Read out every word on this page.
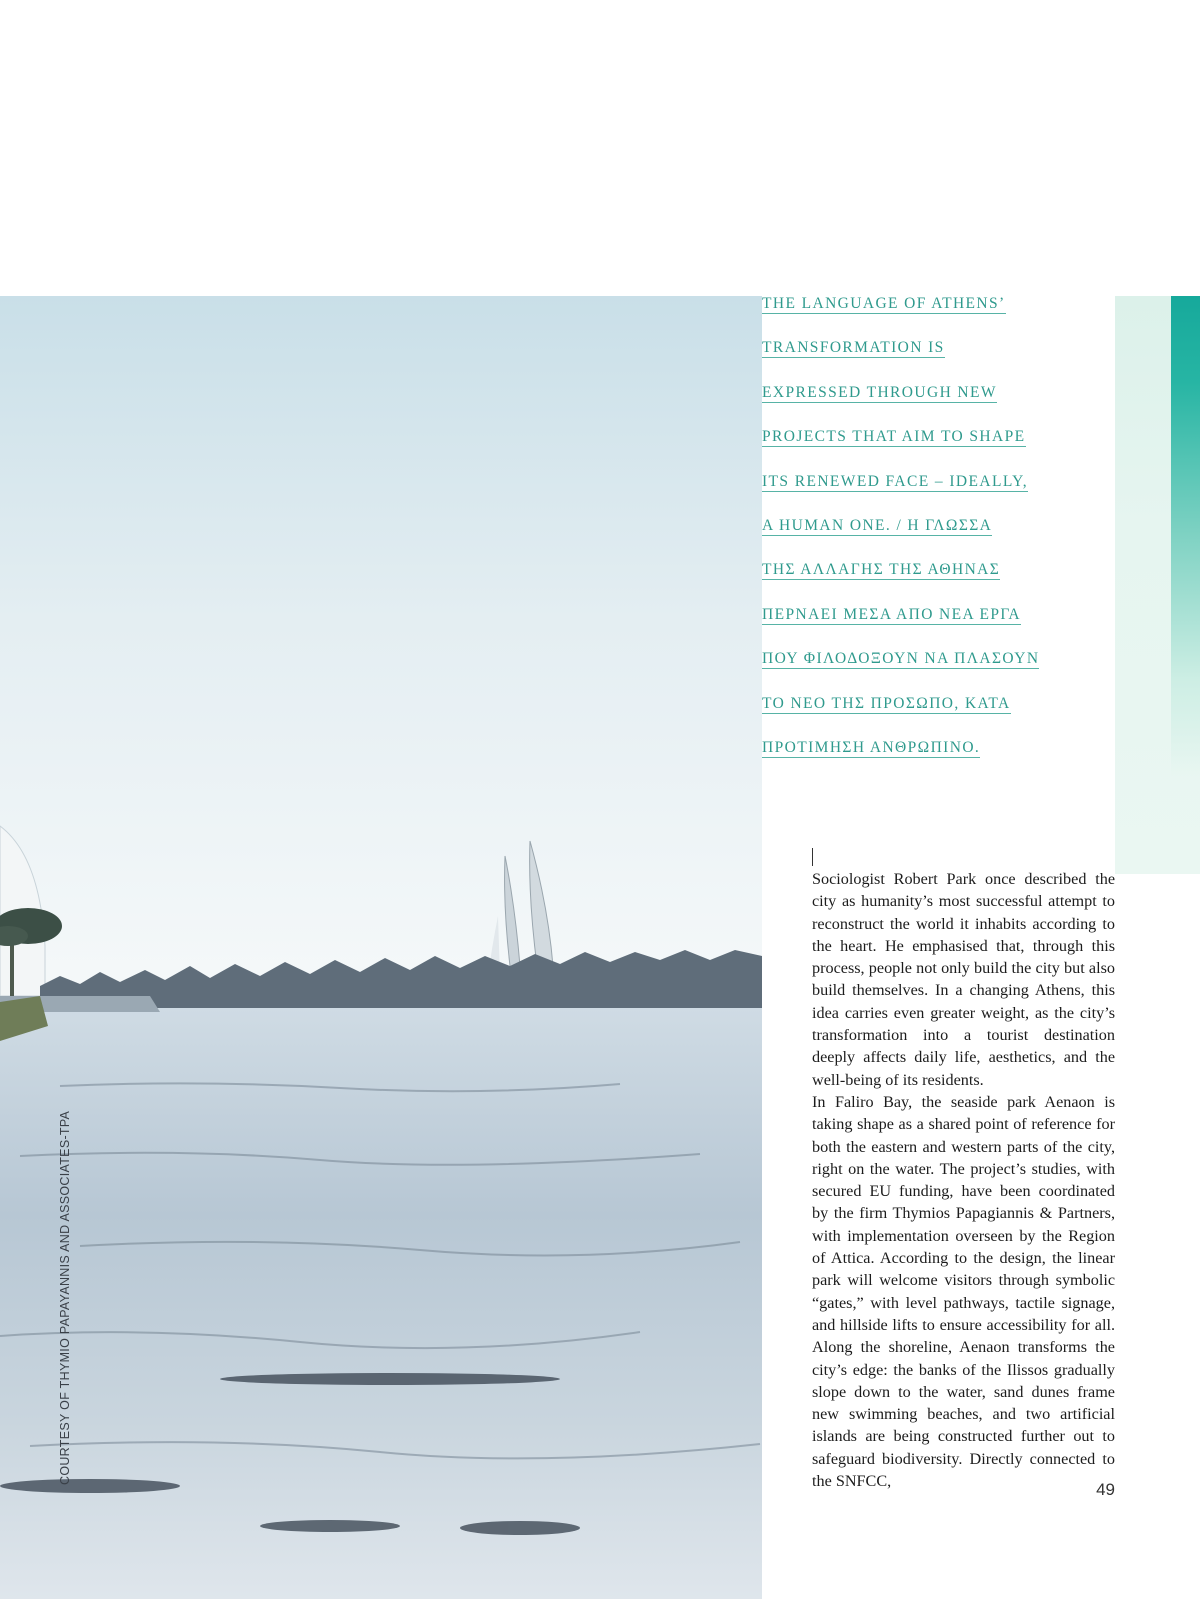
COURTESY OF THYMIO PAPAYANNIS AND ASSOCIATES-TPA
THE LANGUAGE OF ATHENS’
TRANSFORMATION IS
EXPRESSED THROUGH NEW
PROJECTS THAT AIM TO SHAPE
ITS RENEWED FACE – IDEALLY,
A HUMAN ONE. / Η ΓΛΩΣΣΑ
ΤΗΣ ΑΛΛΑΓΗΣ ΤΗΣ ΑΘΗΝΑΣ
ΠΕΡΝΑΕΙ ΜΕΣΑ ΑΠΟ ΝΕΑ ΕΡΓΑ
ΠΟΥ ΦΙΛΟΔΟΞΟΥΝ ΝΑ ΠΛΑΣΟΥΝ
ΤΟ ΝΕΟ ΤΗΣ ΠΡΟΣΩΠΟ, ΚΑΤΑ
ΠΡΟΤΙΜΗΣΗ ΑΝΘΡΩΠΙΝΟ.

Sociologist Robert Park once described the city as humanity’s most successful attempt to reconstruct the world it inhabits according to the heart. He emphasised that, through this process, people not only build the city but also build themselves. In a changing Athens, this idea carries even greater weight, as the city’s transformation into a tourist destination deeply affects daily life, aesthetics, and the well-being of its residents.

In Faliro Bay, the seaside park Aenaon is taking shape as a shared point of reference for both the eastern and western parts of the city, right on the water. The project’s studies, with secured EU funding, have been coordinated by the firm Thymios Papagiannis & Partners, with implementation overseen by the Region of Attica. According to the design, the linear park will welcome visitors through symbolic “gates,” with level pathways, tactile signage, and hillside lifts to ensure accessibility for all. Along the shoreline, Aenaon transforms the city’s edge: the banks of the Ilissos gradually slope down to the water, sand dunes frame new swimming beaches, and two artificial islands are being constructed further out to safeguard biodiversity. Directly connected to the SNFCC,	49
